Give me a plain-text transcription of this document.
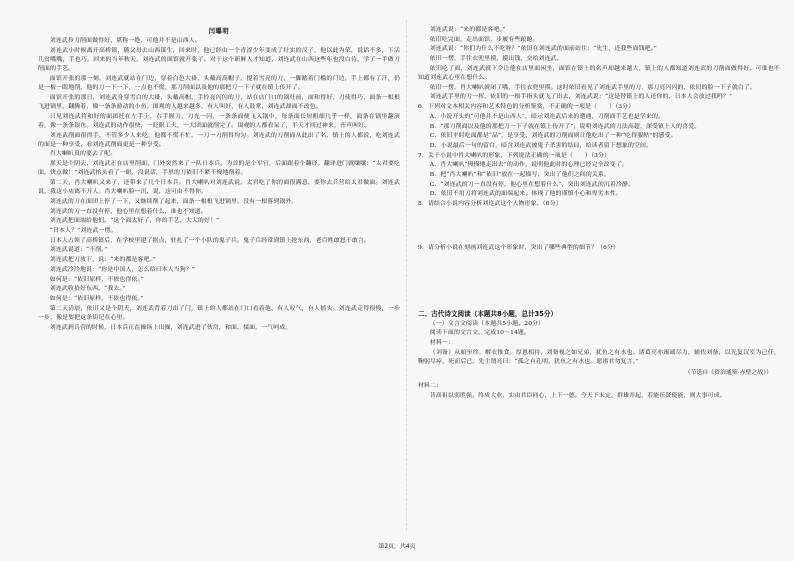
闫曝明

刘连武拎刀削面做得好，堪称一绝，可他并不是山西人。

刘连武小时候离开高桥镇，随父母去山西谋生，回来时，他已经由一个青涩少年变成了壮实的汉子，他以此为荣，说话不多，下活儿贫嘴嘴，手也巧。回来的当年秋天，刘连武的面馆就开张了。对于这个新鲜人才知道，刘连武在山西这些年也没白待，学了一手做刀削面的手艺。

面馆开张的那一刻，刘连武就站在门边，穿着白色大褂，头戴高高帽子，提着雪亮的刀，一脚踏着门槛的门边，手上都有了汗，仍是一板一眼地削，他的刀一下一下，一点也不慌，那刀削面以及他的那把刀一下子就在镇上传开了。

面馆开张的那日，刘连武身穿雪白的大褂，头戴高帽，手拎亮闪闪的刀，站在店门口的锅灶前，面和得好，刀使得巧，面条一根根飞进锅里，翻腾着，像一条条游动的小鱼。围观的人越来越多，有人叫好，有人鼓掌，刘连武却面不改色。

只见刘连武将和好的面团托在左手上，右手握刀，刀光一闪，一条条面便飞入锅中，每条面长短粗细几乎一样，面条在锅里翻滚着，像一条条银鱼。刘连武的动作很快，一眨眼工夫，一大团面就削完了。围观的人都看呆了，半天才回过神来，齐声叫好。

刘连武削面很得手，不管多少人来吃，他都不慌不忙，一刀一刀削得均匀。刘连武的刀削面从此出了名，镇上的人都说，吃刘连武的面是一种享受，看刘连武削面更是一种享受。

肖大喇叭真的要去了呢。

那天是个阴天，刘连武正在店里削面，门外突然来了一队日本兵，为首的是个军官，后面跟着个翻译。翻译进门就嚷嚷：“太君要吃面，快点做！”刘连武抬头看了一眼，没说话，手里的刀依旧不紧不慢地削着。

第二天，肖大喇叭又来了，还带来了几个日本兵。肖大喇叭对刘连武说，太君吃了你的面很满意，要你去兵营给太君做面。刘连武说，我这小店离不开人。肖大喇叭脸一沉，说，这可由不得你。

刘连武的刀在面团上停了一下，又继续削了起来，面条一根根飞进锅里，没有一根落到锅外。

刘连武的刀一直没有停，他心里在想着什么，谁也不知道。

刘连武把面端给他们。“这个面太好了，你的手艺，大大的好！”

“日本人？”刘连武一愣。

日本人占领了高桥镇后，在学校里建了据点，驻扎了一个小队的鬼子兵。鬼子兵经常到镇上抢东西，老百姓敢怒不敢言。

刘连武说道：“不削。”

刘连武把刀放下，说：“来的都是客吧。”

刘连武冷冷地说：“你是中国人，怎么给日本人当狗？”

如何是：“依旧原样，不依也得依。”

刘连武收拾好东西，“我去。”

如何是：“依旧原样，不依也得依。”

第二天清晨，依旧又是个阴天，刘连武背着刀出了门，镇上的人都站在门口看着他，有人叹气，有人摇头。刘连武走得很慢，一步一步，像是要把这条街记在心里。

刘连武到兵营的时候，日本兵正在操场上出操，刘连武进了伙房，和面、揉面，一气呵成。

刘连武说：“来的都是客吧。”

依旧吃完面，走出面馆，步履有些踉跄。

刘连武说：“你们为什么不吃呀？”依旧在刘连武的面前站住：“先生，还我些面钱吧。”

依旧一愣，手往衣兜里摸，摸出钱，交给刘连武。

依旧吃了面，刘连武就下令让他在店里面闲坐，面馆在镇上的名声却越来越大，镇上的人都知道刘连武的刀削面做得好，可谁也不知道刘连武心里在想什么。

依旧一愣，肖大喇叭就闭了嘴，手往衣兜里摸。这时依旧看见了刘连武手里的刀，那刀亮闪闪的，依旧的脸一下子就白了。

刘连武手里的刀一挥，依旧的一根手指头就飞了出去，刘连武说：“这是替镇上的人还你的，日本人会放过我吗？”

6．下列对文本相关内容和艺术特色的分析鉴赏，不正确的一项是（　　）（3分）

A．小说开头的“可他并不是山西人”，暗示刘连武后来的遭遇，刀削面手艺也是学来的。

B．“那刀削面以及他的那把刀一下子就在镇上传开了”，说明刘连武的刀法高超，深受镇上人的喜爱。

C．依旧平时吃面都是“品”，是享受，刘连武的刀削面则让他吃出了一种“吃得服帖”的感受。

D．小说最后一句的留白，暗含刘连武被鬼子杀害的结局，给读者留下想象的空间。

7．关于小说中肖大喇叭的形象，下列说法正确的一项是（　　）（3分）

A．肖大喇叭“慢慢地走出去”的动作，说明他此时的心理已经完全改变了。

B．把“肖大喇叭”和“依旧”放在一起描写，突出了他们之间的关系。

C．“刘连武的刀一直没有停，他心里在想着什么”，突出刘连武的沉着冷静。

D．依旧不用刀将刘连武的面端起来，体现了他的谨慎小心和卑劣本性。

8．请结合小说内容分析刘连武这个人物形象。（6分）

9．请分析小说在刻画刘连武这个形象时，突出了哪些典型的细节？（6分）

二、古代诗文阅读（本题共8小题，总计35分）

（一）文言文阅读（本题共5小题，20分）

阅读下面的文言文，完成10～14题。

材料一：

（刘备）从始至终，解衣推食，厚恩相待，刘备视之如兄弟，犹鱼之有水也。诸葛亮亦竭诚尽力，辅佐刘备，以光复汉室为己任，鞠躬尽瘁，死而后已。先主谓亮曰：“孤之有孔明，犹鱼之有水也。愿诸君勿复言。”

（节选自《资治通鉴·赤壁之战》）

材料二：

昔高祖以弱胜强，终成大业，实由君臣同心，上下一德。今天下未定，群雄并起，若能任贤使能，则大事可成。

第2页，共4页
